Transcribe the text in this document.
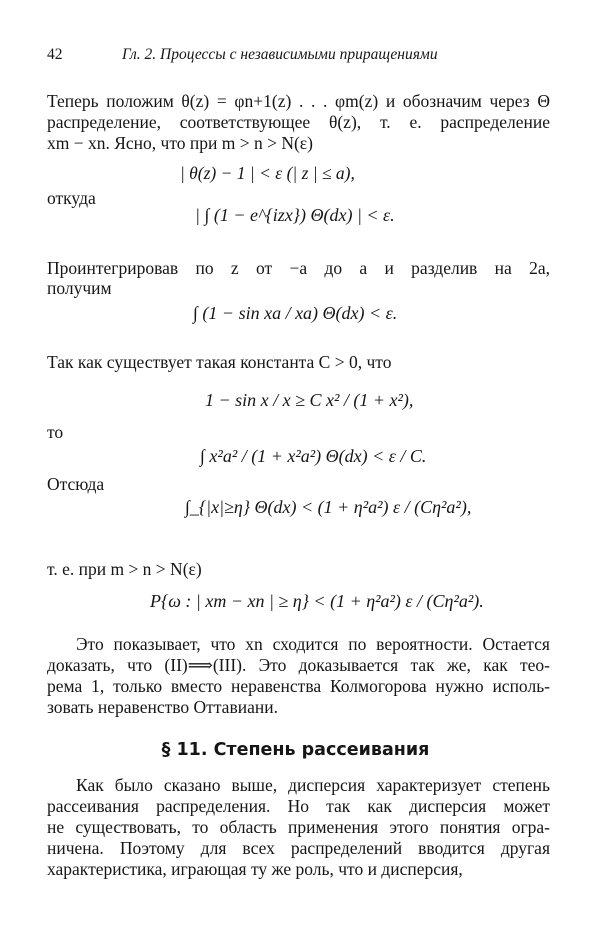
42	Гл. 2. Процессы с независимыми приращениями
Теперь положим θ(z) = φn+1(z) . . . φm(z) и обозначим через Θ
распределение, соответствующее θ(z), т. е. распределение
xm − xn. Ясно, что при m > n > N(ε)
| θ(z) − 1 | < ε (| z | ≤ a),
откуда
| ∫ (1 − e^{izx}) Θ(dx) | < ε.
Проинтегрировав по z от −a до a и разделив на 2a,
получим
∫ (1 − sin xa / xa) Θ(dx) < ε.
Так как существует такая константа C > 0, что
1 − sin x / x ≥ C x² / (1 + x²),
то
∫ x²a² / (1 + x²a²) Θ(dx) < ε / C.
Отсюда
∫_{|x|≥η} Θ(dx) < (1 + η²a²) ε / (Cη²a²),
т. е. при m > n > N(ε)
P{ω : | xm − xn | ≥ η} < (1 + η²a²) ε / (Cη²a²).
Это показывает, что xn сходится по вероятности. Остается
доказать, что (II)⟹(III). Это доказывается так же, как тео-
рема 1, только вместо неравенства Колмогорова нужно исполь-
зовать неравенство Оттавиани.
§ 11. Степень рассеивания
Как было сказано выше, дисперсия характеризует степень
рассеивания распределения. Но так как дисперсия может
не существовать, то область применения этого понятия огра-
ничена. Поэтому для всех распределений вводится другая
характеристика, играющая ту же роль, что и дисперсия,
